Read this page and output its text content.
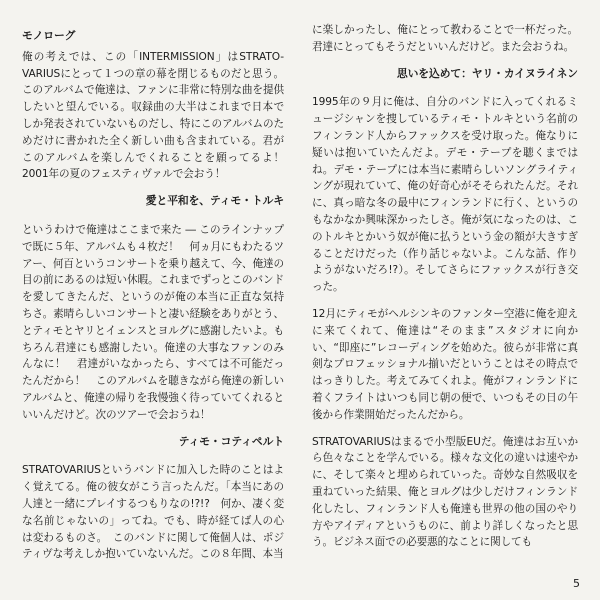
モノローグ

俺の考えでは、この「INTERMISSION」はSTRATO-VARIUSにとって１つの章の幕を閉じるものだと思う。このアルバムで俺達は、ファンに非常に特別な曲を提供したいと望んでいる。収録曲の大半はこれまで日本でしか発表されていないものだし、特にこのアルバムのためだけに書かれた全く新しい曲も含まれている。君がこのアルバムを楽しんでくれることを願ってるよ！　2001年の夏のフェスティヴァルで会おう！

愛と平和を、ティモ・トルキ

というわけで俺達はここまで来た ― このラインナップで既に５年、アルバムも４枚だ！　何ヵ月にもわたるツアー、何百というコンサートを乗り越えて、今、俺達の目の前にあるのは短い休暇。これまでずっとこのバンドを愛してきたんだ、というのが俺の本当に正直な気持ちさ。素晴らしいコンサートと凄い経験をありがとう、とティモとヤリとイェンスとヨルグに感謝したいよ。もちろん君達にも感謝したい。俺達の大事なファンのみんなに！　君達がいなかったら、すべては不可能だったんだから！　このアルバムを聴きながら俺達の新しいアルバムと、俺達の帰りを我慢強く待っていてくれるといいんだけど。次のツアーで会おうね！

ティモ・コティペルト

STRATOVARIUSというバンドに加入した時のことはよく覚えてる。俺の彼女がこう言ったんだ。「本当にあの人達と一緒にプレイするつもりなの!?!?　何か、凄く変な名前じゃないの」ってね。でも、時が経てば人の心は変わるものさ。　このバンドに関して俺個人は、ポジティヴな考えしか抱いていないんだ。この８年間、本当

に楽しかったし、俺にとって教わることで一杯だった。君達にとってもそうだといいんだけど。また会おうね。

思いを込めて：ヤリ・カイヌライネン

1995年の９月に俺は、自分のバンドに入ってくれるミュージシャンを捜しているティモ・トルキという名前のフィンランド人からファックスを受け取った。俺なりに疑いは抱いていたんだよ。デモ・テープを聴くまではね。デモ・テープには本当に素晴らしいソングライティングが現れていて、俺の好奇心がそそられたんだ。それに、真っ暗な冬の最中にフィンランドに行く、というのもなかなか興味深かったしさ。俺が気になったのは、このトルキとかいう奴が俺に払うという金の額が大きすぎることだけだった（作り話じゃないよ。こんな話、作りようがないだろ!?）。そしてさらにファックスが行き交った。

12月にティモがヘルシンキのファンター空港に俺を迎えに来てくれて、俺達は“そのまま”スタジオに向かい、“即座に”レコーディングを始めた。彼らが非常に真剣なプロフェッショナル揃いだということはその時点ではっきりした。考えてみてくれよ。俺がフィンランドに着くフライトはいつも同じ朝の便で、いつもその日の午後から作業開始だったんだから。

STRATOVARIUSはまるで小型版EUだ。俺達はお互いから色々なことを学んでいる。様々な文化の違いは速やかに、そして楽々と埋められていった。奇妙な自然吸収を重ねていった結果、俺とヨルグは少しだけフィンランド化したし、フィンランド人も俺達も世界の他の国のやり方やアイディアというものに、前より詳しくなったと思う。ビジネス面での必要悪的なことに関しても

5
